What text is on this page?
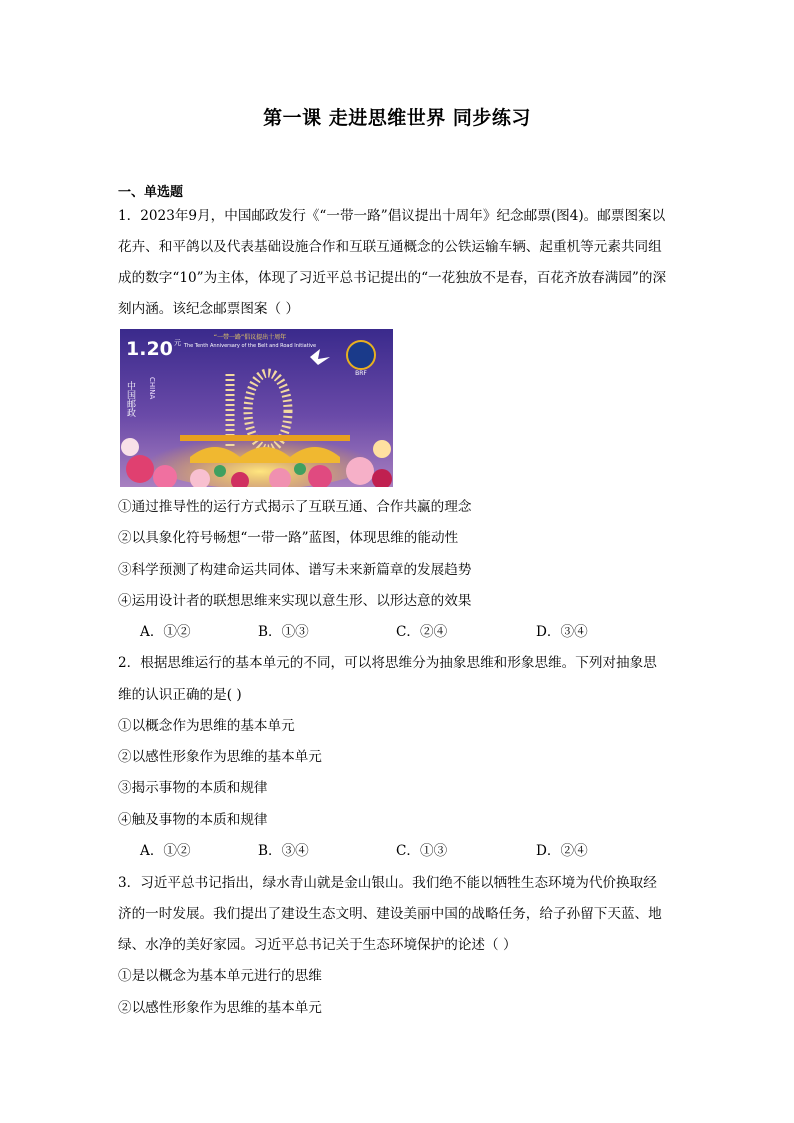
第一课 走进思维世界 同步练习
一、单选题
1．2023年9月，中国邮政发行《“一带一路”倡议提出十周年》纪念邮票(图4)。邮票图案以
花卉、和平鸽以及代表基础设施合作和互联互通概念的公铁运输车辆、起重机等元素共同组
成的数字“10”为主体，体现了习近平总书记提出的“一花独放不是春，百花齐放春满园”的深
刻内涵。该纪念邮票图案（ ）
BRF
1.20 元
“一带一路”倡议提出十周年
The Tenth Anniversary of the Belt and Road Initiative
CHINA
中国邮政
①通过推导性的运行方式揭示了互联互通、合作共赢的理念
②以具象化符号畅想“一带一路”蓝图，体现思维的能动性
③科学预测了构建命运共同体、谱写未来新篇章的发展趋势
④运用设计者的联想思维来实现以意生形、以形达意的效果
A．①②	B．①③	C．②④	D．③④
2．根据思维运行的基本单元的不同，可以将思维分为抽象思维和形象思维。下列对抽象思
维的认识正确的是( )
①以概念作为思维的基本单元
②以感性形象作为思维的基本单元
③揭示事物的本质和规律
④触及事物的本质和规律
A．①②	B．③④	C．①③	D．②④
3．习近平总书记指出，绿水青山就是金山银山。我们绝不能以牺牲生态环境为代价换取经
济的一时发展。我们提出了建设生态文明、建设美丽中国的战略任务，给子孙留下天蓝、地
绿、水净的美好家园。习近平总书记关于生态环境保护的论述（ ）
①是以概念为基本单元进行的思维
②以感性形象作为思维的基本单元
